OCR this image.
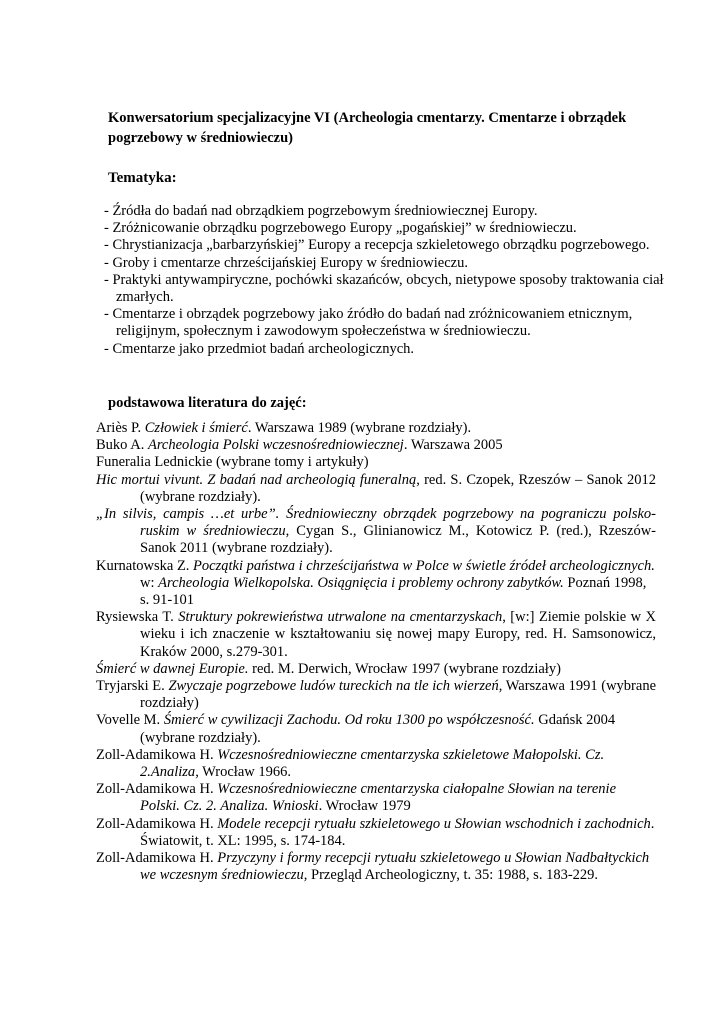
Konwersatorium specjalizacyjne VI (Archeologia cmentarzy. Cmentarze i obrządek pogrzebowy w średniowieczu)
Tematyka:
- Źródła do badań nad obrządkiem pogrzebowym średniowiecznej Europy.
- Zróżnicowanie obrządku pogrzebowego Europy „pogańskiej” w średniowieczu.
- Chrystianizacja „barbarzyńskiej” Europy a recepcja szkieletowego obrządku pogrzebowego.
- Groby i cmentarze chrześcijańskiej Europy w średniowieczu.
- Praktyki antywampiryczne, pochówki skazańców, obcych, nietypowe sposoby traktowania ciał zmarłych.
- Cmentarze i obrządek pogrzebowy jako źródło do badań nad zróżnicowaniem etnicznym, religijnym, społecznym i zawodowym społeczeństwa w średniowieczu.
- Cmentarze jako przedmiot badań archeologicznych.
podstawowa literatura do zajęć:
Ariès P. Człowiek i śmierć. Warszawa 1989 (wybrane rozdziały).
Buko A. Archeologia Polski wczesnośredniowiecznej. Warszawa 2005
Funeralia Lednickie (wybrane tomy i artykuły)
Hic mortui vivunt. Z badań nad archeologią funeralną, red. S. Czopek, Rzeszów – Sanok 2012 (wybrane rozdziały).
„In silvis, campis …et urbe”. Średniowieczny obrządek pogrzebowy na pograniczu polsko-ruskim w średniowieczu, Cygan S., Glinianowicz M., Kotowicz P. (red.), Rzeszów-Sanok 2011 (wybrane rozdziały).
Kurnatowska Z. Początki państwa i chrześcijaństwa w Polce w świetle źródeł archeologicznych. w: Archeologia Wielkopolska. Osiągnięcia i problemy ochrony zabytków. Poznań 1998, s. 91-101
Rysiewska T. Struktury pokrewieństwa utrwalone na cmentarzyskach, [w:] Ziemie polskie w X wieku i ich znaczenie w kształtowaniu się nowej mapy Europy, red. H. Samsonowicz, Kraków 2000, s.279-301.
Śmierć w dawnej Europie. red. M. Derwich, Wrocław 1997 (wybrane rozdziały)
Tryjarski E. Zwyczaje pogrzebowe ludów tureckich na tle ich wierzeń, Warszawa 1991 (wybrane rozdziały)
Vovelle M. Śmierć w cywilizacji Zachodu. Od roku 1300 po współczesność. Gdańsk 2004 (wybrane rozdziały).
Zoll-Adamikowa H. Wczesnośredniowieczne cmentarzyska szkieletowe Małopolski. Cz. 2.Analiza, Wrocław 1966.
Zoll-Adamikowa H. Wczesnośredniowieczne cmentarzyska ciałopalne Słowian na terenie Polski. Cz. 2. Analiza. Wnioski. Wrocław 1979
Zoll-Adamikowa H. Modele recepcji rytuału szkieletowego u Słowian wschodnich i zachodnich. Światowit, t. XL: 1995, s. 174-184.
Zoll-Adamikowa H. Przyczyny i formy recepcji rytuału szkieletowego u Słowian Nadbałtyckich we wczesnym średniowieczu, Przegląd Archeologiczny, t. 35: 1988, s. 183-229.
